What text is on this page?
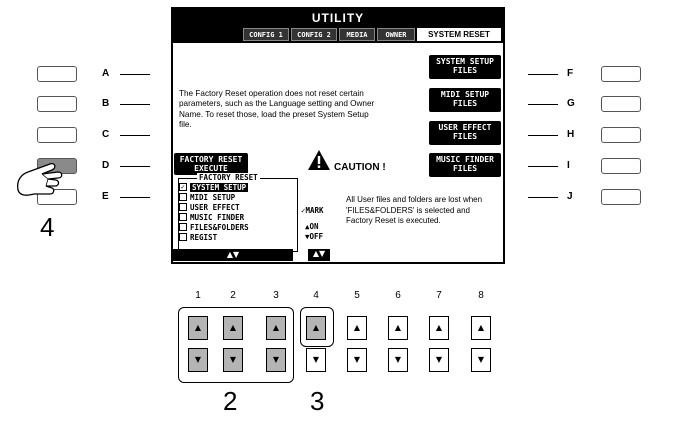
A
B
C
D
E
F
G
H
I
J
4
UTILITY
CONFIG 1	CONFIG 2	MEDIA	OWNER	SYSTEM RESET
SYSTEM SETUP
FILES
MIDI SETUP
FILES
USER EFFECT
FILES
MUSIC FINDER
FILES
The Factory Reset operation does not reset certain parameters, such as the Language setting and Owner Name. To reset those, load the preset System Setup file.
FACTORY RESET
EXECUTE	CAUTION !
FACTORY RESET
✓ SYSTEM SETUP
MIDI SETUP
USER EFFECT
MUSIC FINDER
FILES&FOLDERS
REGIST
✓MARK
▲ON
▼OFF
All User files and folders are lost when 'FILES&FOLDERS' is selected and Factory Reset is executed.
▲▼	▲▼
1	2	3	4	5	6	7	8
▲	▲	▲	▲	▲	▲	▲	▲
▼	▼	▼	▼	▼	▼	▼	▼
2	3
